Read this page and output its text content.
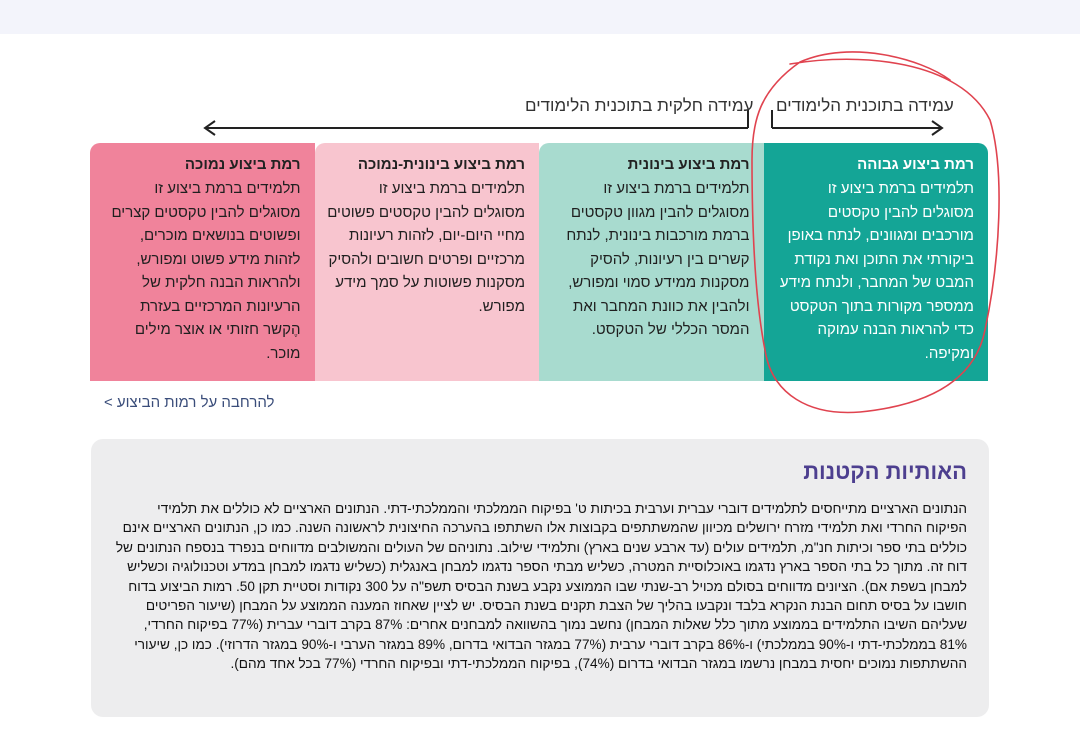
עמידה חלקית בתוכנית הלימודים עמידה בתוכנית הלימודים
רמת ביצוע גבוהה
תלמידים ברמת ביצוע זו מסוגלים להבין טקסטים מורכבים ומגוונים, לנתח באופן ביקורתי את התוכן ואת נקודת המבט של המחבר, ולנתח מידע ממספר מקורות בתוך הטקסט כדי להראות הבנה עמוקה ומקיפה.
רמת ביצוע בינונית
תלמידים ברמת ביצוע זו מסוגלים להבין מגוון טקסטים ברמת מורכבות בינונית, לנתח קשרים בין רעיונות, להסיק מסקנות ממידע סמוי ומפורש, ולהבין את כוונת המחבר ואת המסר הכללי של הטקסט.
רמת ביצוע בינונית-נמוכה
תלמידים ברמת ביצוע זו מסוגלים להבין טקסטים פשוטים מחיי היום-יום, לזהות רעיונות מרכזיים ופרטים חשובים ולהסיק מסקנות פשוטות על סמך מידע מפורש.
רמת ביצוע נמוכה
תלמידים ברמת ביצוע זו מסוגלים להבין טקסטים קצרים ופשוטים בנושאים מוכרים, לזהות מידע פשוט ומפורש, ולהראות הבנה חלקית של הרעיונות המרכזיים בעזרת הֶקשר חזותי או אוצר מילים מוכר.
להרחבה על רמות הביצוע >
האותיות הקטנות
הנתונים הארציים מתייחסים לתלמידים דוברי עברית וערבית בכיתות ט' בפיקוח הממלכתי והממלכתי-דתי. הנתונים הארציים לא כוללים את תלמידי הפיקוח החרדי ואת תלמידי מזרח ירושלים מכיוון שהמשתתפים בקבוצות אלו השתתפו בהערכה החיצונית לראשונה השנה. כמו כן, הנתונים הארציים אינם כוללים בתי ספר וכיתות חנ"מ, תלמידים עולים (עד ארבע שנים בארץ) ותלמידי שילוב. נתוניהם של העולים והמשולבים מדווחים בנפרד בנספח הנתונים של דוח זה. מתוך כל בתי הספר בארץ נדגמו באוכלוסיית המטרה, כשליש מבתי הספר נדגמו למבחן באנגלית (כשליש נדגמו למבחן במדע וטכנולוגיה וכשליש למבחן בשפת אם). הציונים מדווחים בסולם מכויל רב-שנתי שבו הממוצע נקבע בשנת הבסיס תשפ"ה על 300 נקודות וסטיית תקן 50. רמות הביצוע בדוח חושבו על בסיס תחום הבנת הנקרא בלבד ונקבעו בהליך של הצבת תקנים בשנת הבסיס. יש לציין שאחוז המענה הממוצע על המבחן (שיעור הפריטים שעליהם השיבו התלמידים בממוצע מתוך כלל שאלות המבחן) נחשב נמוך בהשוואה למבחנים אחרים: 87% בקרב דוברי עברית (77% בפיקוח החרדי, 81% בממלכתי-דתי ו-90% בממלכתי) ו-86% בקרב דוברי ערבית (77% במגזר הבדואי בדרום, 89% במגזר הערבי ו-90% במגזר הדרוזי). כמו כן, שיעורי ההשתתפות נמוכים יחסית במבחן נרשמו במגזר הבדואי בדרום (74%), בפיקוח הממלכתי-דתי ובפיקוח החרדי (77% בכל אחד מהם).
